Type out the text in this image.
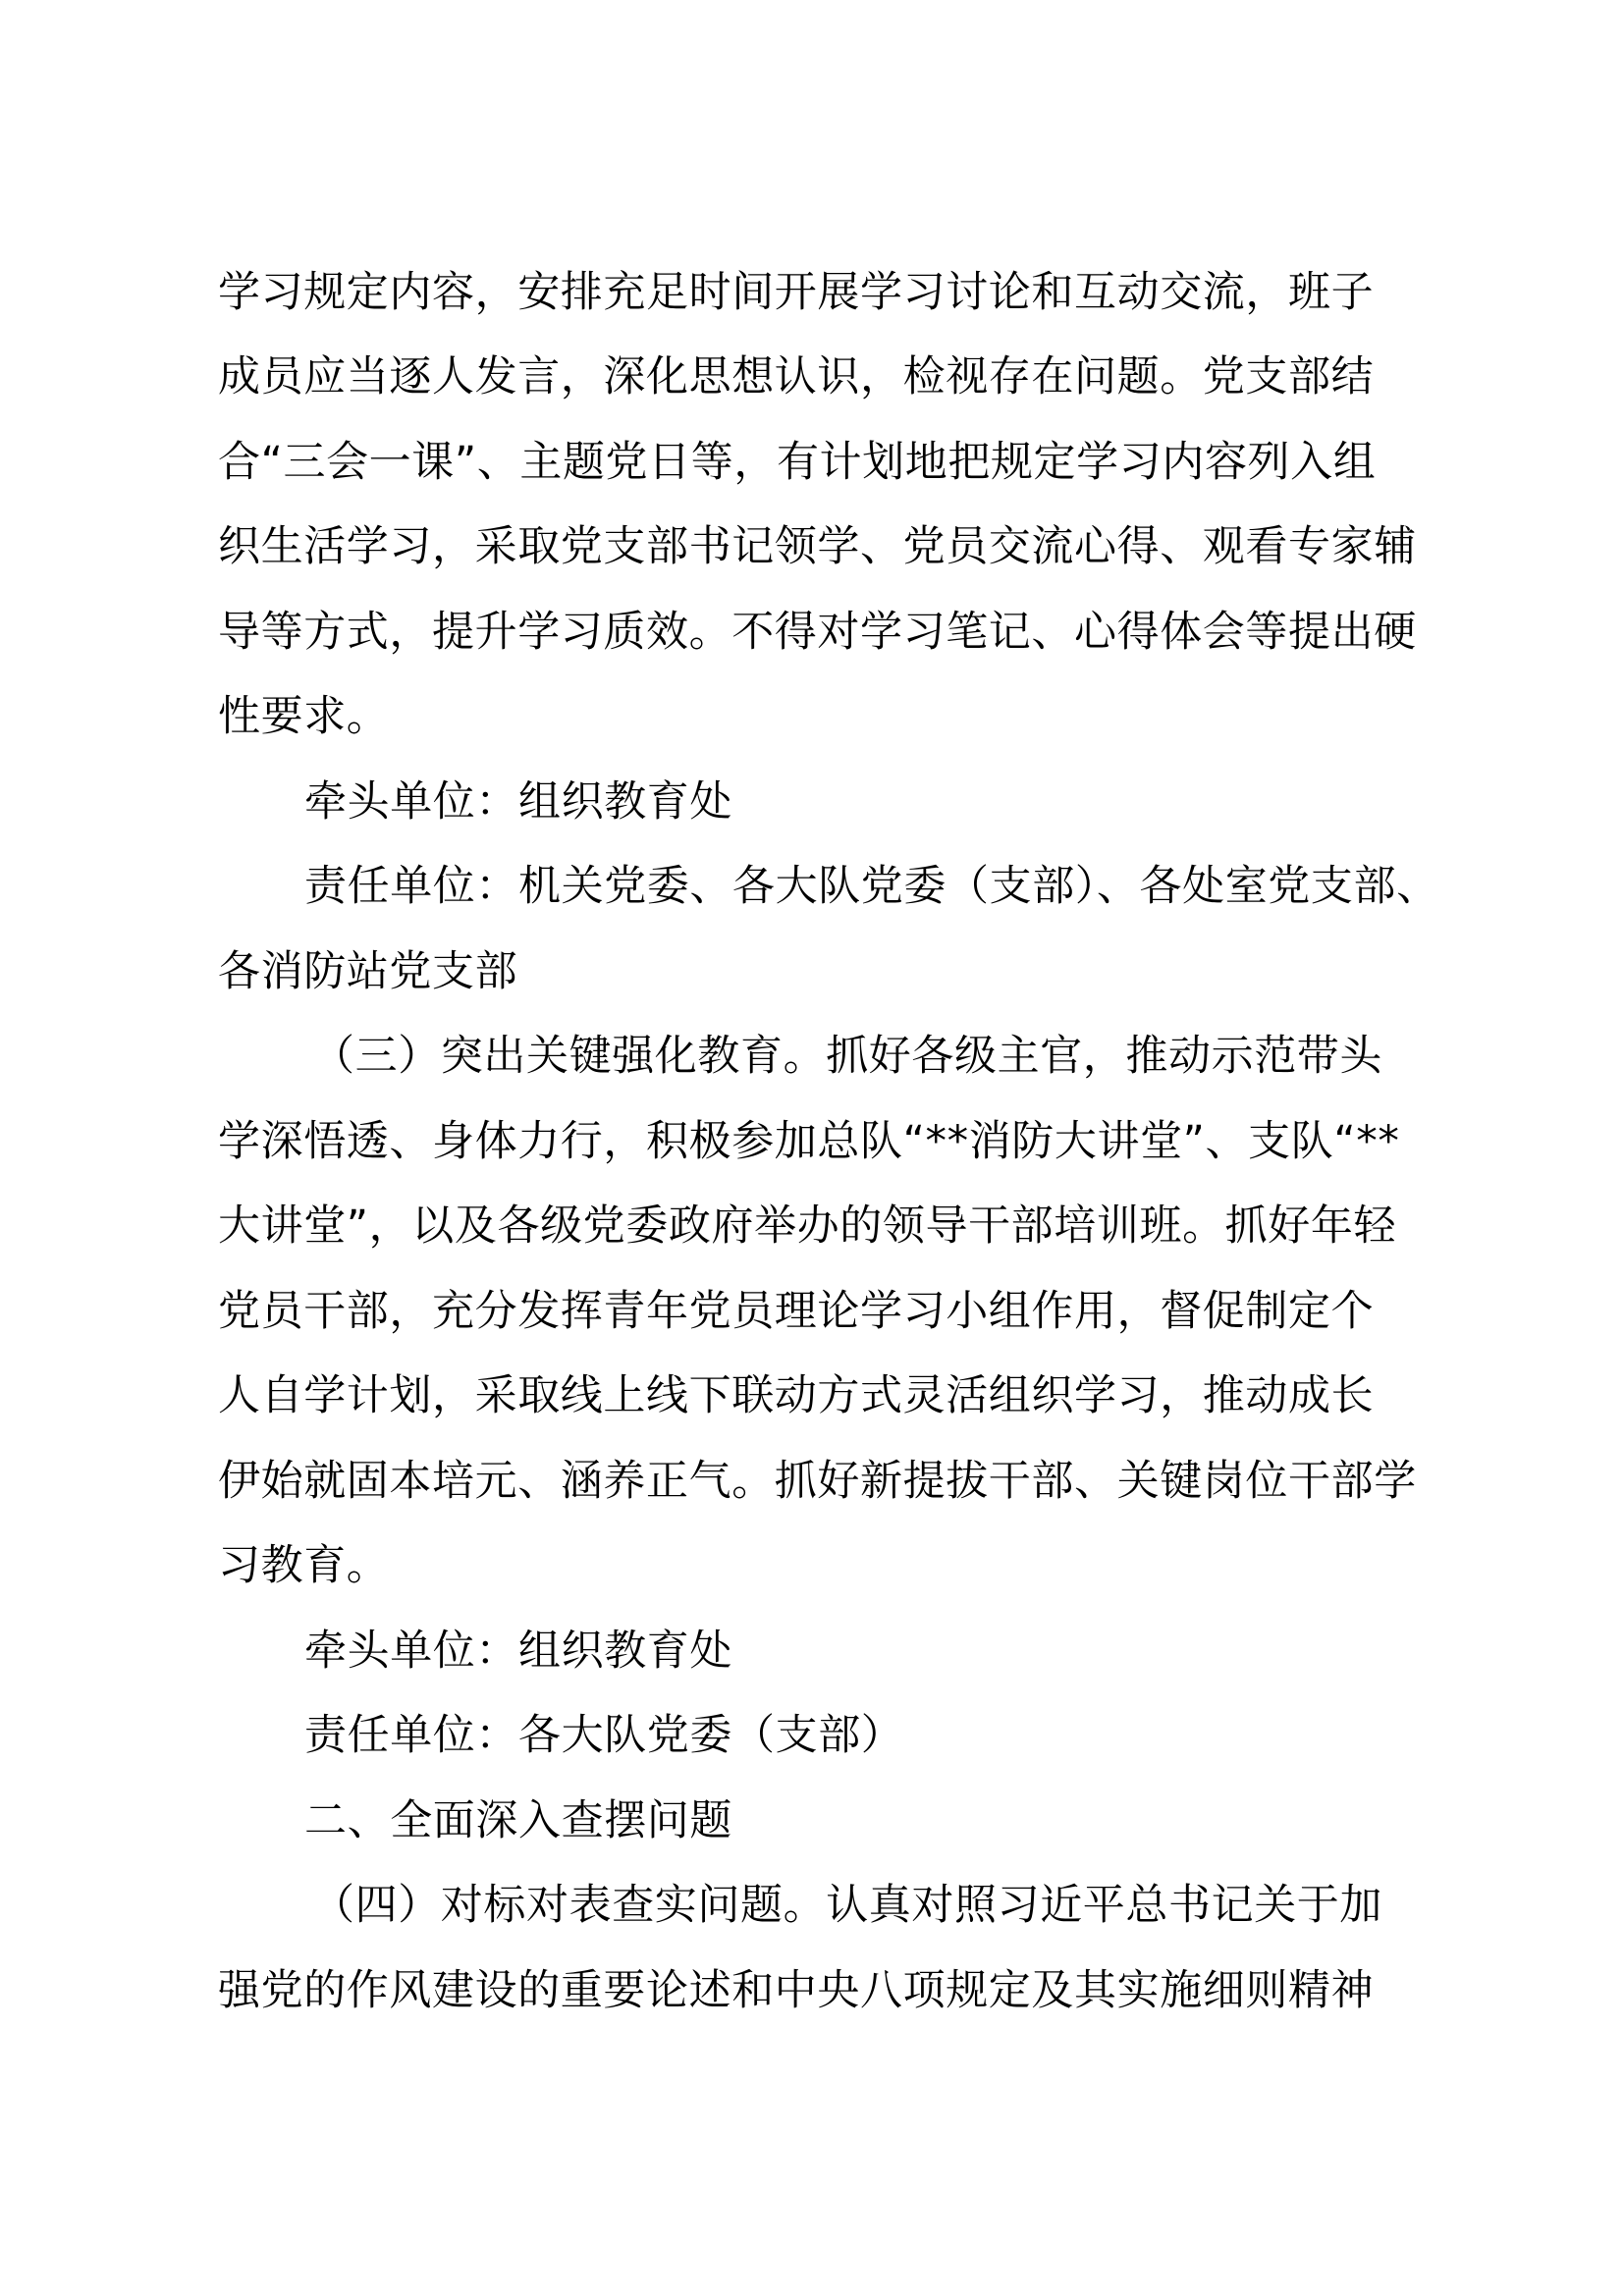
学习规定内容，安排充足时间开展学习讨论和互动交流，班子
成员应当逐人发言，深化思想认识，检视存在问题。党支部结
合“三会一课”、主题党日等，有计划地把规定学习内容列入组
织生活学习，采取党支部书记领学、党员交流心得、观看专家辅
导等方式，提升学习质效。不得对学习笔记、心得体会等提出硬
性要求。
牵头单位：组织教育处
责任单位：机关党委、各大队党委（支部）、各处室党支部、
各消防站党支部
（三）突出关键强化教育。抓好各级主官，推动示范带头
学深悟透、身体力行，积极参加总队“**消防大讲堂”、支队“**
大讲堂”，以及各级党委政府举办的领导干部培训班。抓好年轻
党员干部，充分发挥青年党员理论学习小组作用，督促制定个
人自学计划，采取线上线下联动方式灵活组织学习，推动成长
伊始就固本培元、涵养正气。抓好新提拔干部、关键岗位干部学
习教育。
牵头单位：组织教育处
责任单位：各大队党委（支部）
二、全面深入查摆问题
（四）对标对表查实问题。认真对照习近平总书记关于加
强党的作风建设的重要论述和中央八项规定及其实施细则精神
